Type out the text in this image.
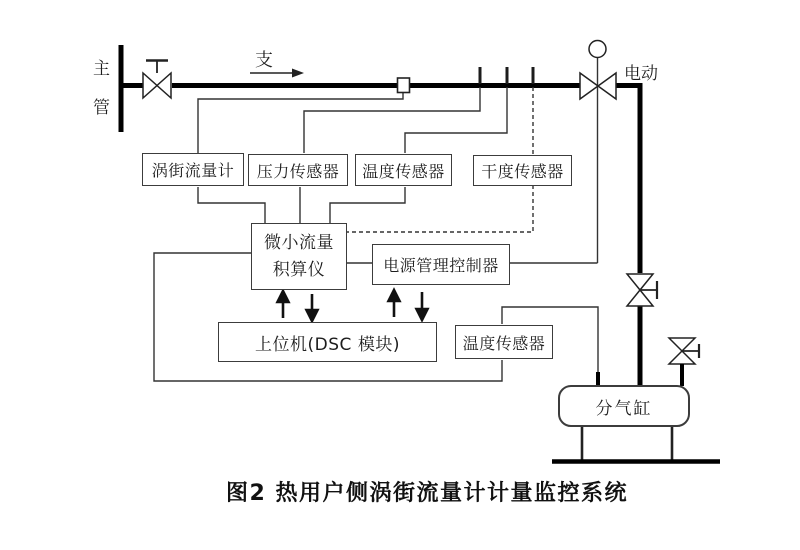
主
管
支
电动
涡街流量计	压力传感器	温度传感器	干度传感器
微小流量
积算仪	电源管理控制器
上位机(DSC 模块)	温度传感器
分气缸
图2 热用户侧涡街流量计计量监控系统
